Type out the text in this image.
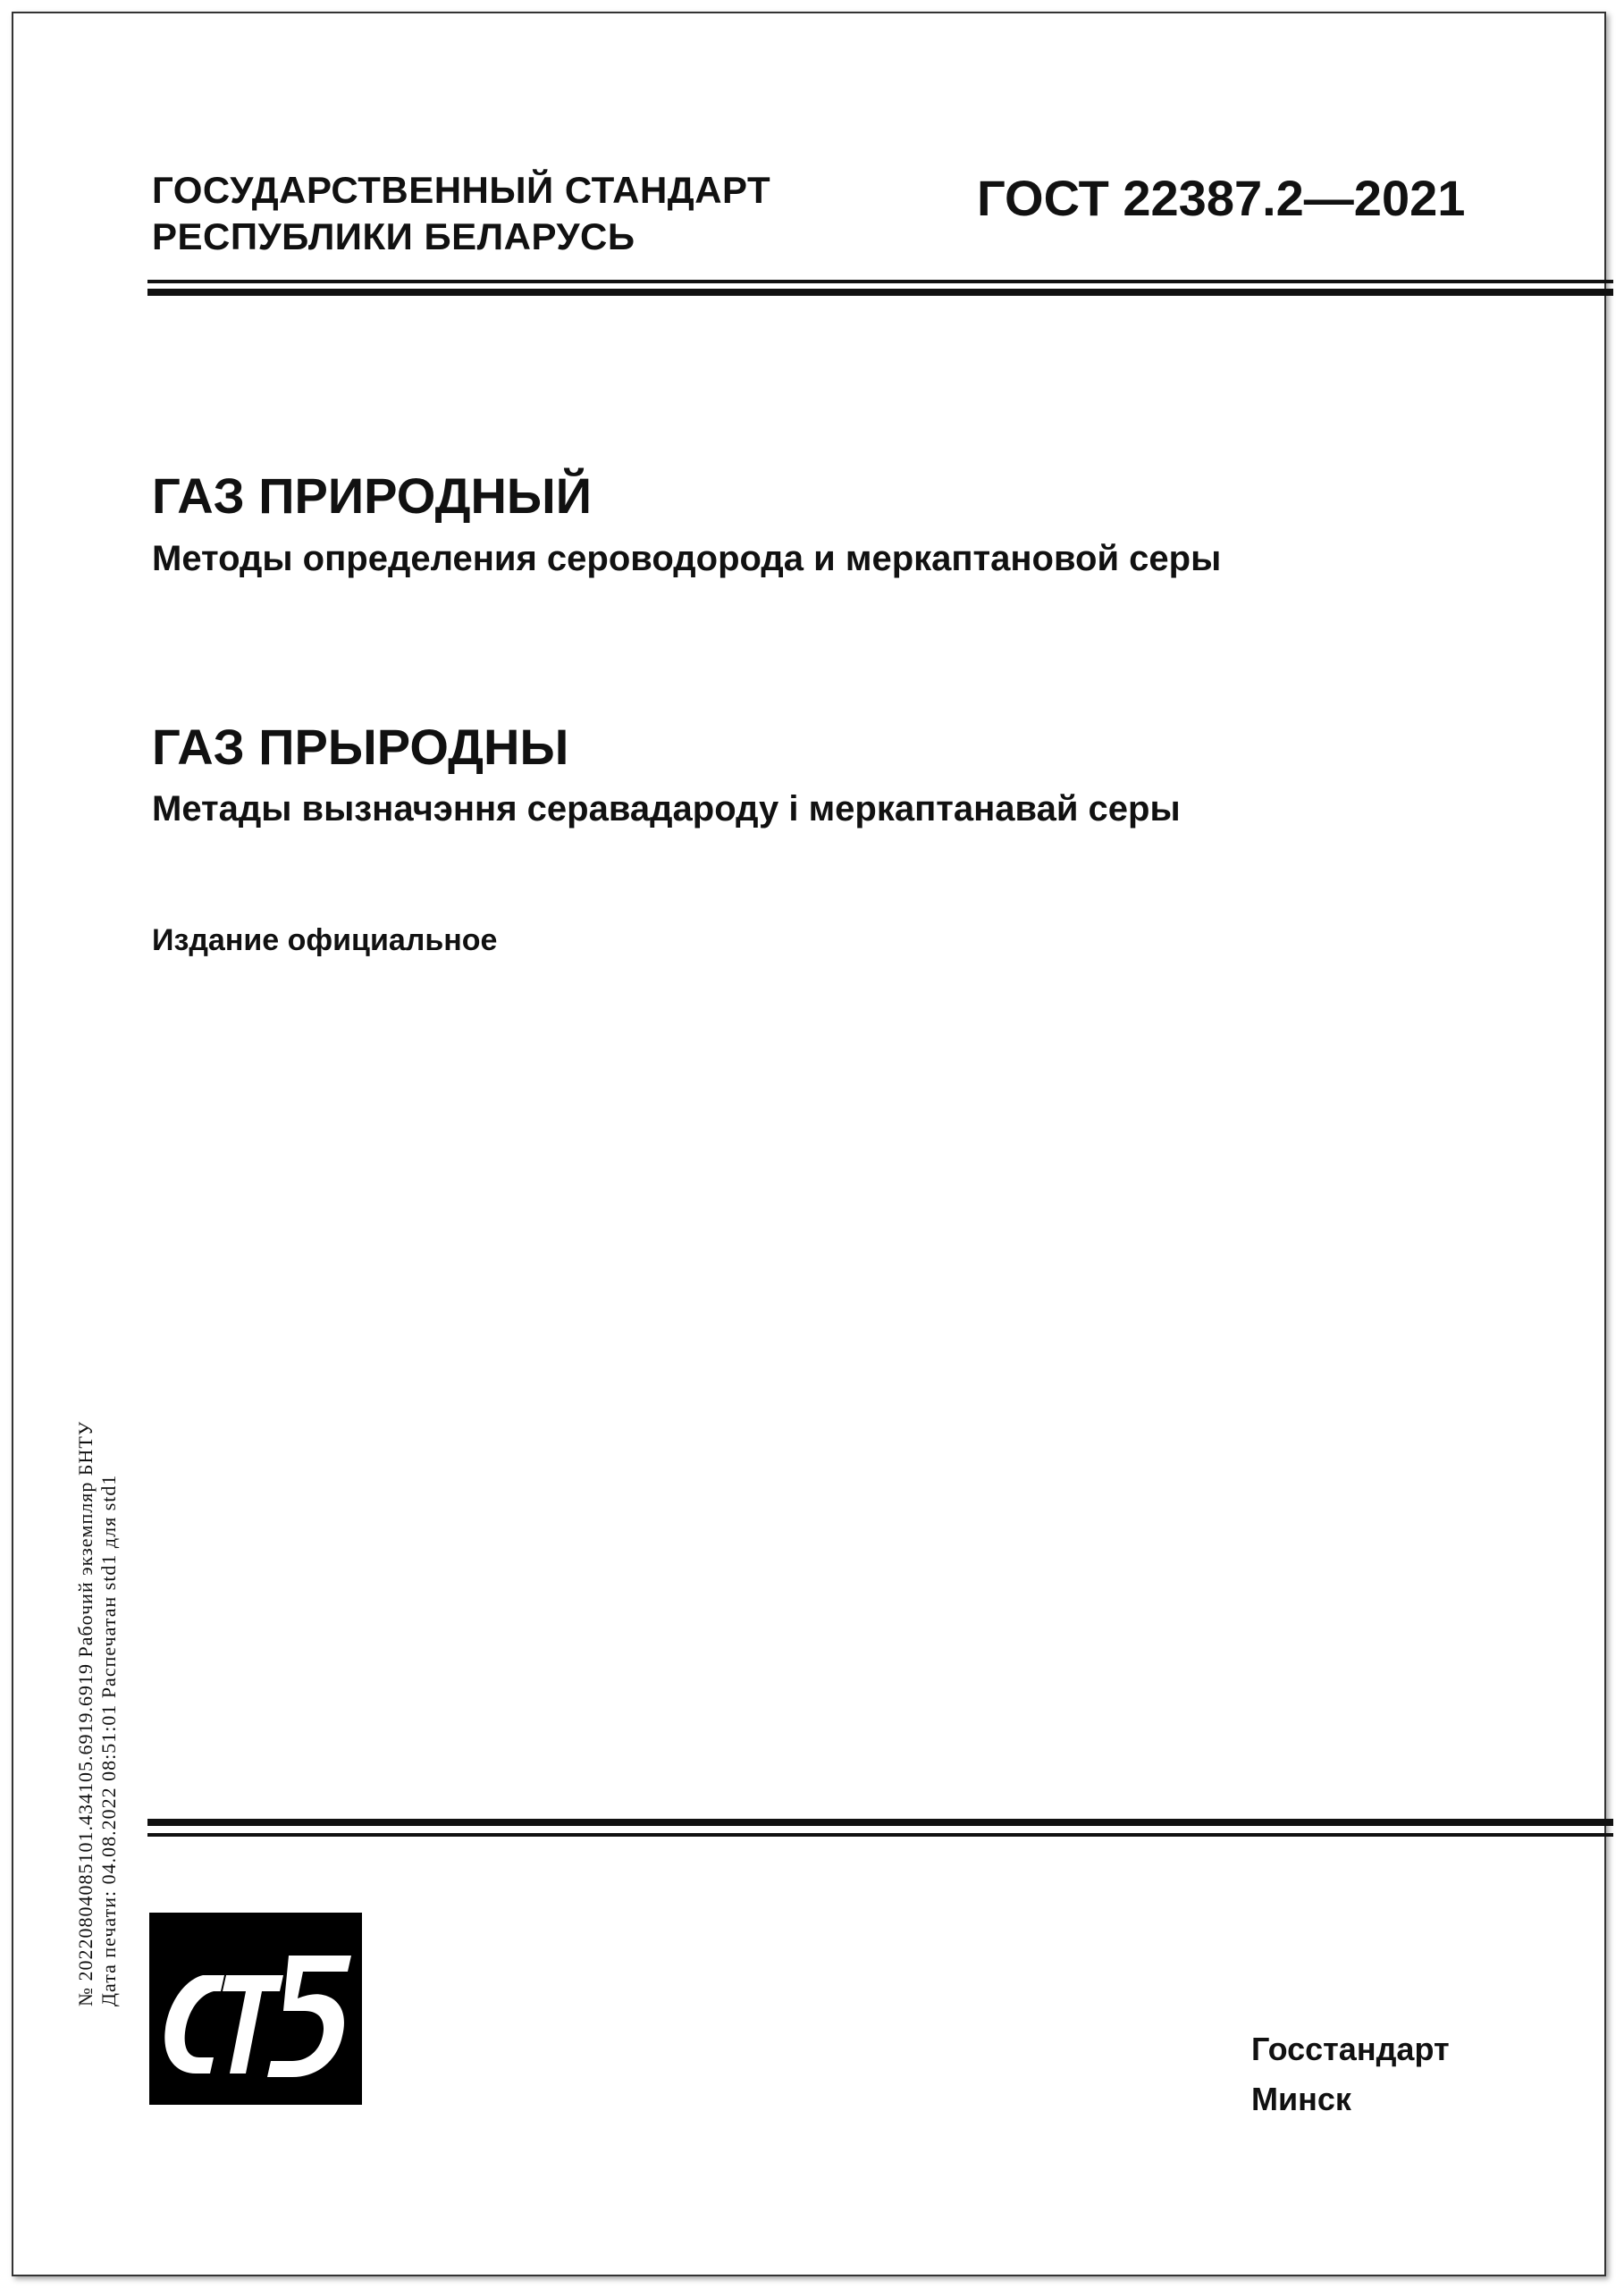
ГОСУДАРСТВЕННЫЙ СТАНДАРТ
РЕСПУБЛИКИ БЕЛАРУСЬ
ГОСТ 22387.2—2021
ГАЗ ПРИРОДНЫЙ
Методы определения сероводорода и меркаптановой серы
ГАЗ ПРЫРОДНЫ
Метады вызначэння серавадароду і меркаптанавай серы
Издание официальное
№ 20220804085101.434105.6919.6919 Рабочий экземпляр БНТУ Дата печати: 04.08.2022 08:51:01 Распечатан std1 для std1
Госстандарт
Минск
